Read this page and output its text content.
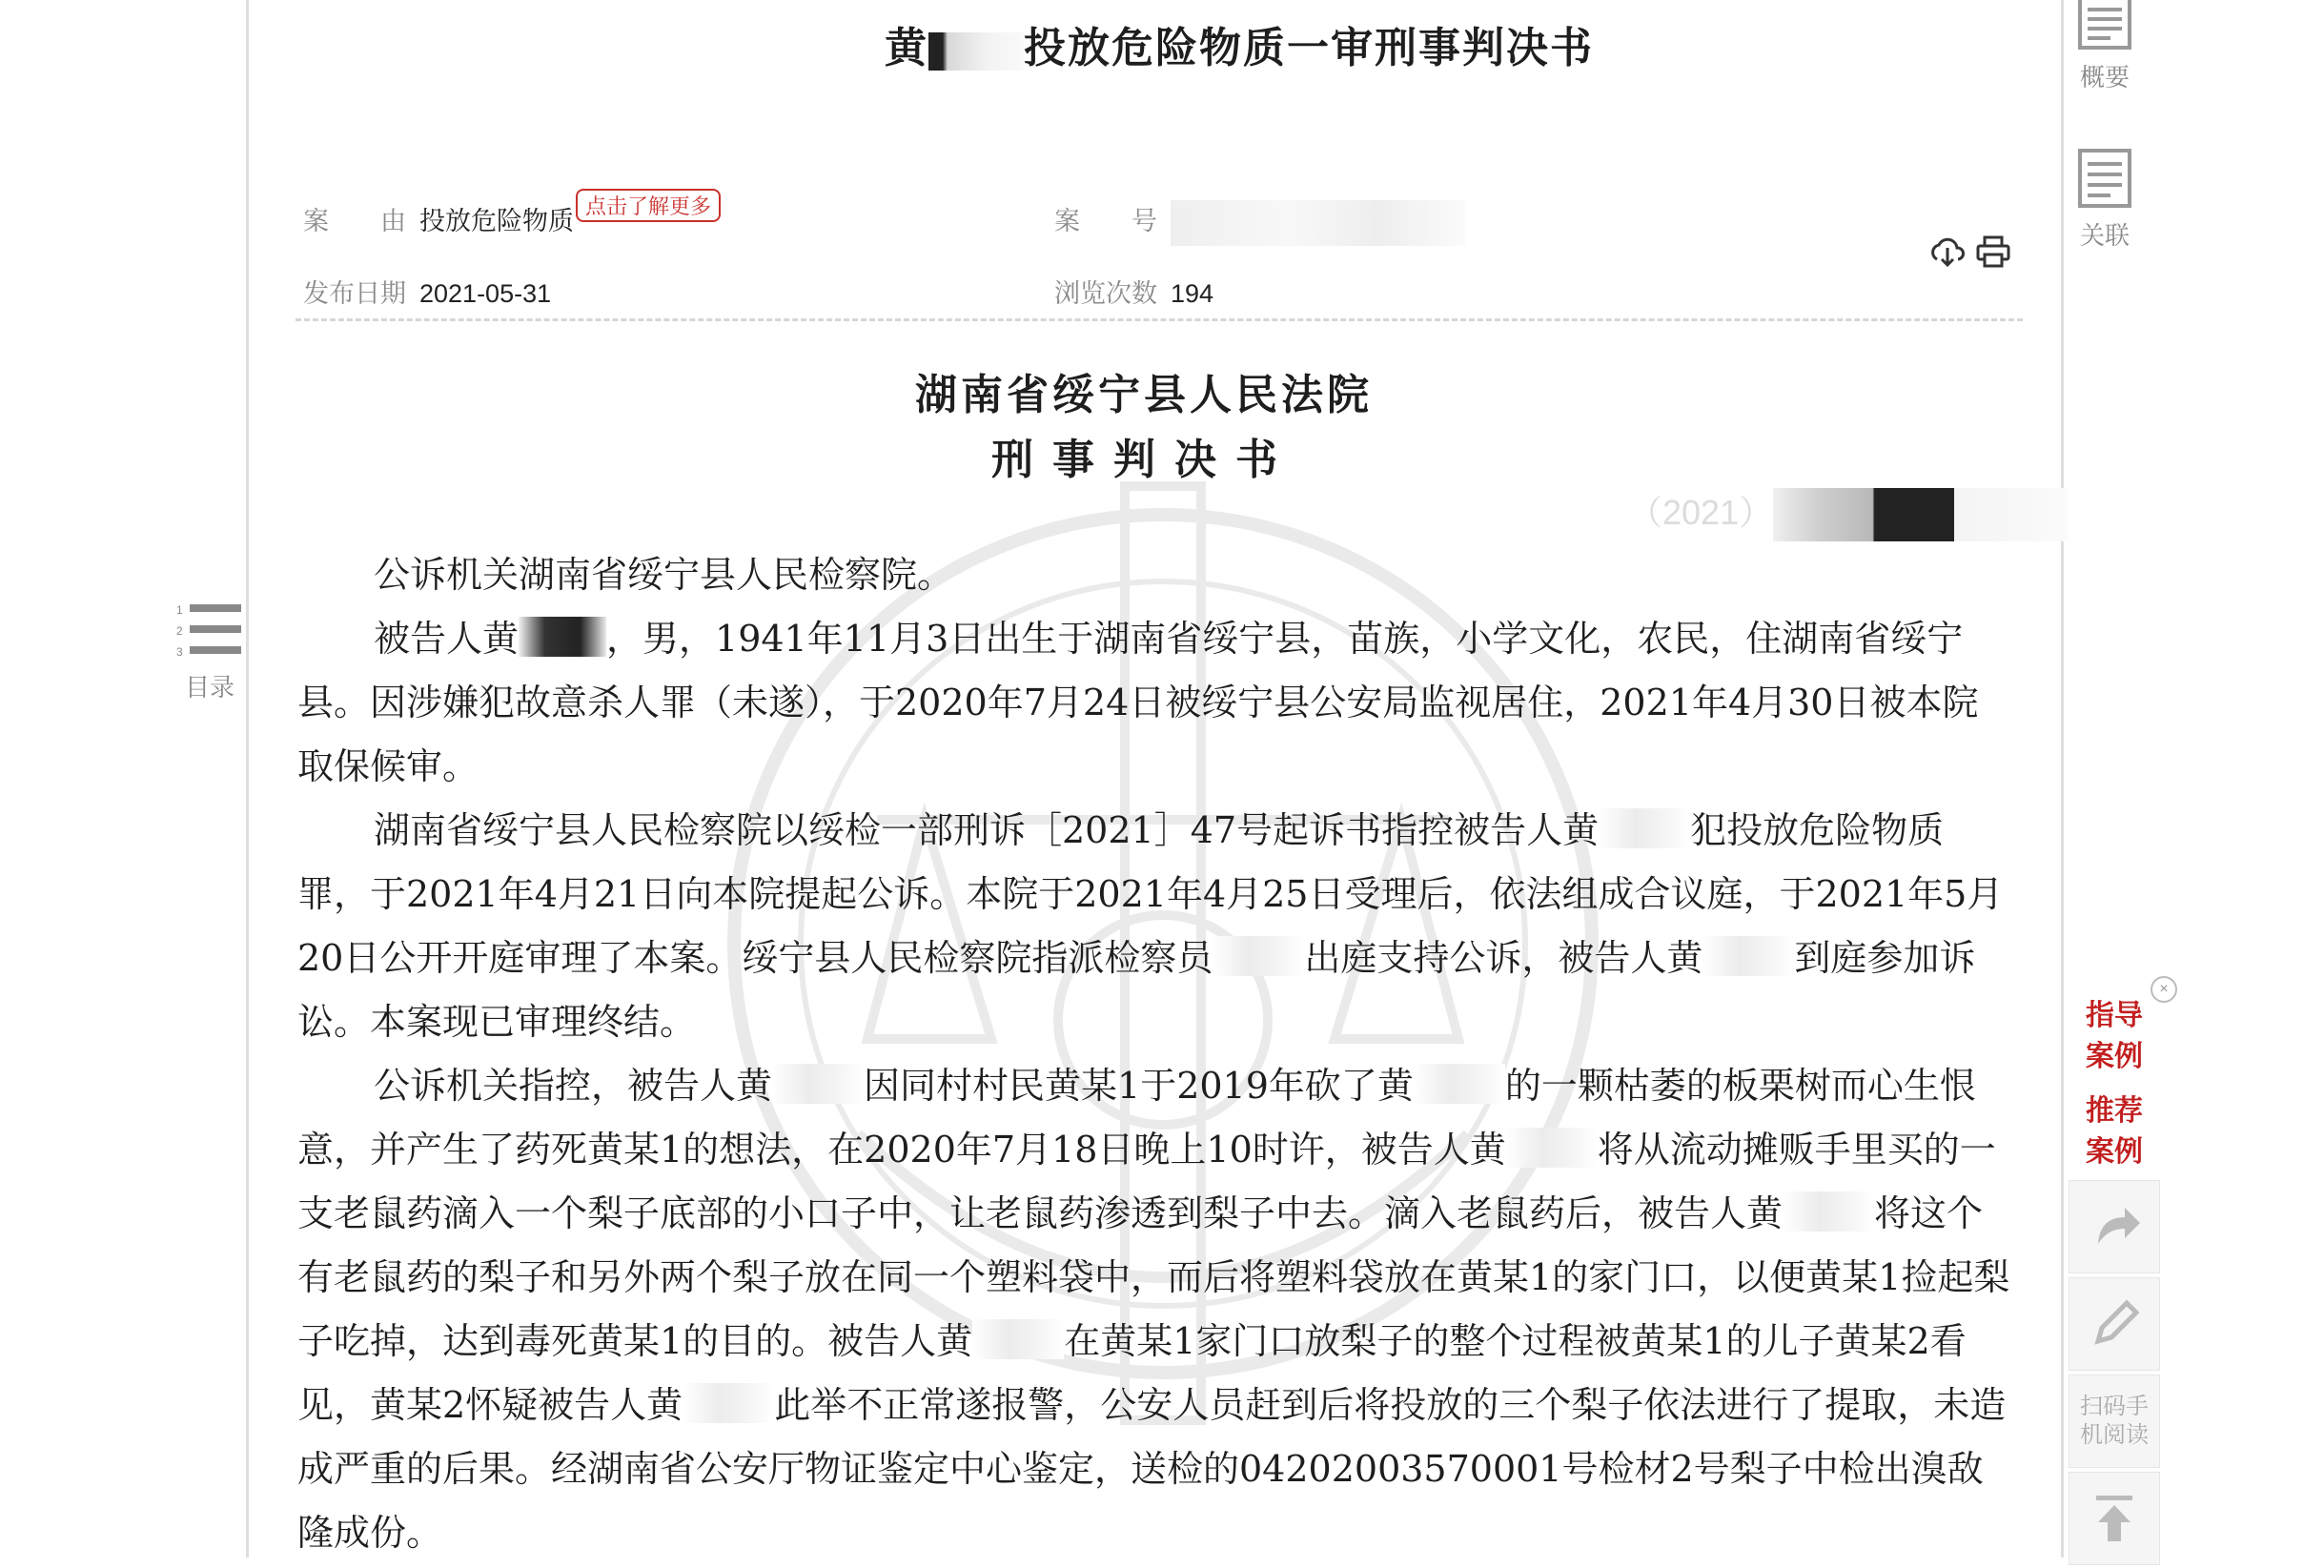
黄 投放危险物质一审刑事判决书
案　　由 投放危险物质点击了解更多
案　　号
发布日期 2021-05-31	浏览次数 194
湖南省绥宁县人民法院
刑事判决书
（2021）

公诉机关湖南省绥宁县人民检察院。

被告人黄 ，男，1941年11月3日出生于湖南省绥宁县，苗族，小学文化，农民，住湖南省绥宁县。因涉嫌犯故意杀人罪（未遂），于2020年7月24日被绥宁县公安局监视居住，2021年4月30日被本院取保候审。

湖南省绥宁县人民检察院以绥检一部刑诉［2021］47号起诉书指控被告人黄	犯投放危险物质罪，于2021年4月21日向本院提起公诉。本院于2021年4月25日受理后，依法组成合议庭，于2021年5月20日公开开庭审理了本案。绥宁县人民检察院指派检察员	出庭支持公诉，被告人黄	到庭参加诉讼。本案现已审理终结。

公诉机关指控，被告人黄	因同村村民黄某1于2019年砍了黄	的一颗枯萎的板栗树而心生恨意，并产生了药死黄某1的想法，在2020年7月18日晚上10时许，被告人黄	将从流动摊贩手里买的一支老鼠药滴入一个梨子底部的小口子中，让老鼠药渗透到梨子中去。滴入老鼠药后，被告人黄	将这个有老鼠药的梨子和另外两个梨子放在同一个塑料袋中，而后将塑料袋放在黄某1的家门口，以便黄某1捡起梨子吃掉，达到毒死黄某1的目的。被告人黄	在黄某1家门口放梨子的整个过程被黄某1的儿子黄某2看见，黄某2怀疑被告人黄	此举不正常遂报警，公安人员赶到后将投放的三个梨子依法进行了提取，未造成严重的后果。经湖南省公安厅物证鉴定中心鉴定，送检的04202003570001号检材2号梨子中检出溴敌隆成份。

1
2
3
目录
概要
关联
×
指导案例
推荐案例
扫码手机阅读
